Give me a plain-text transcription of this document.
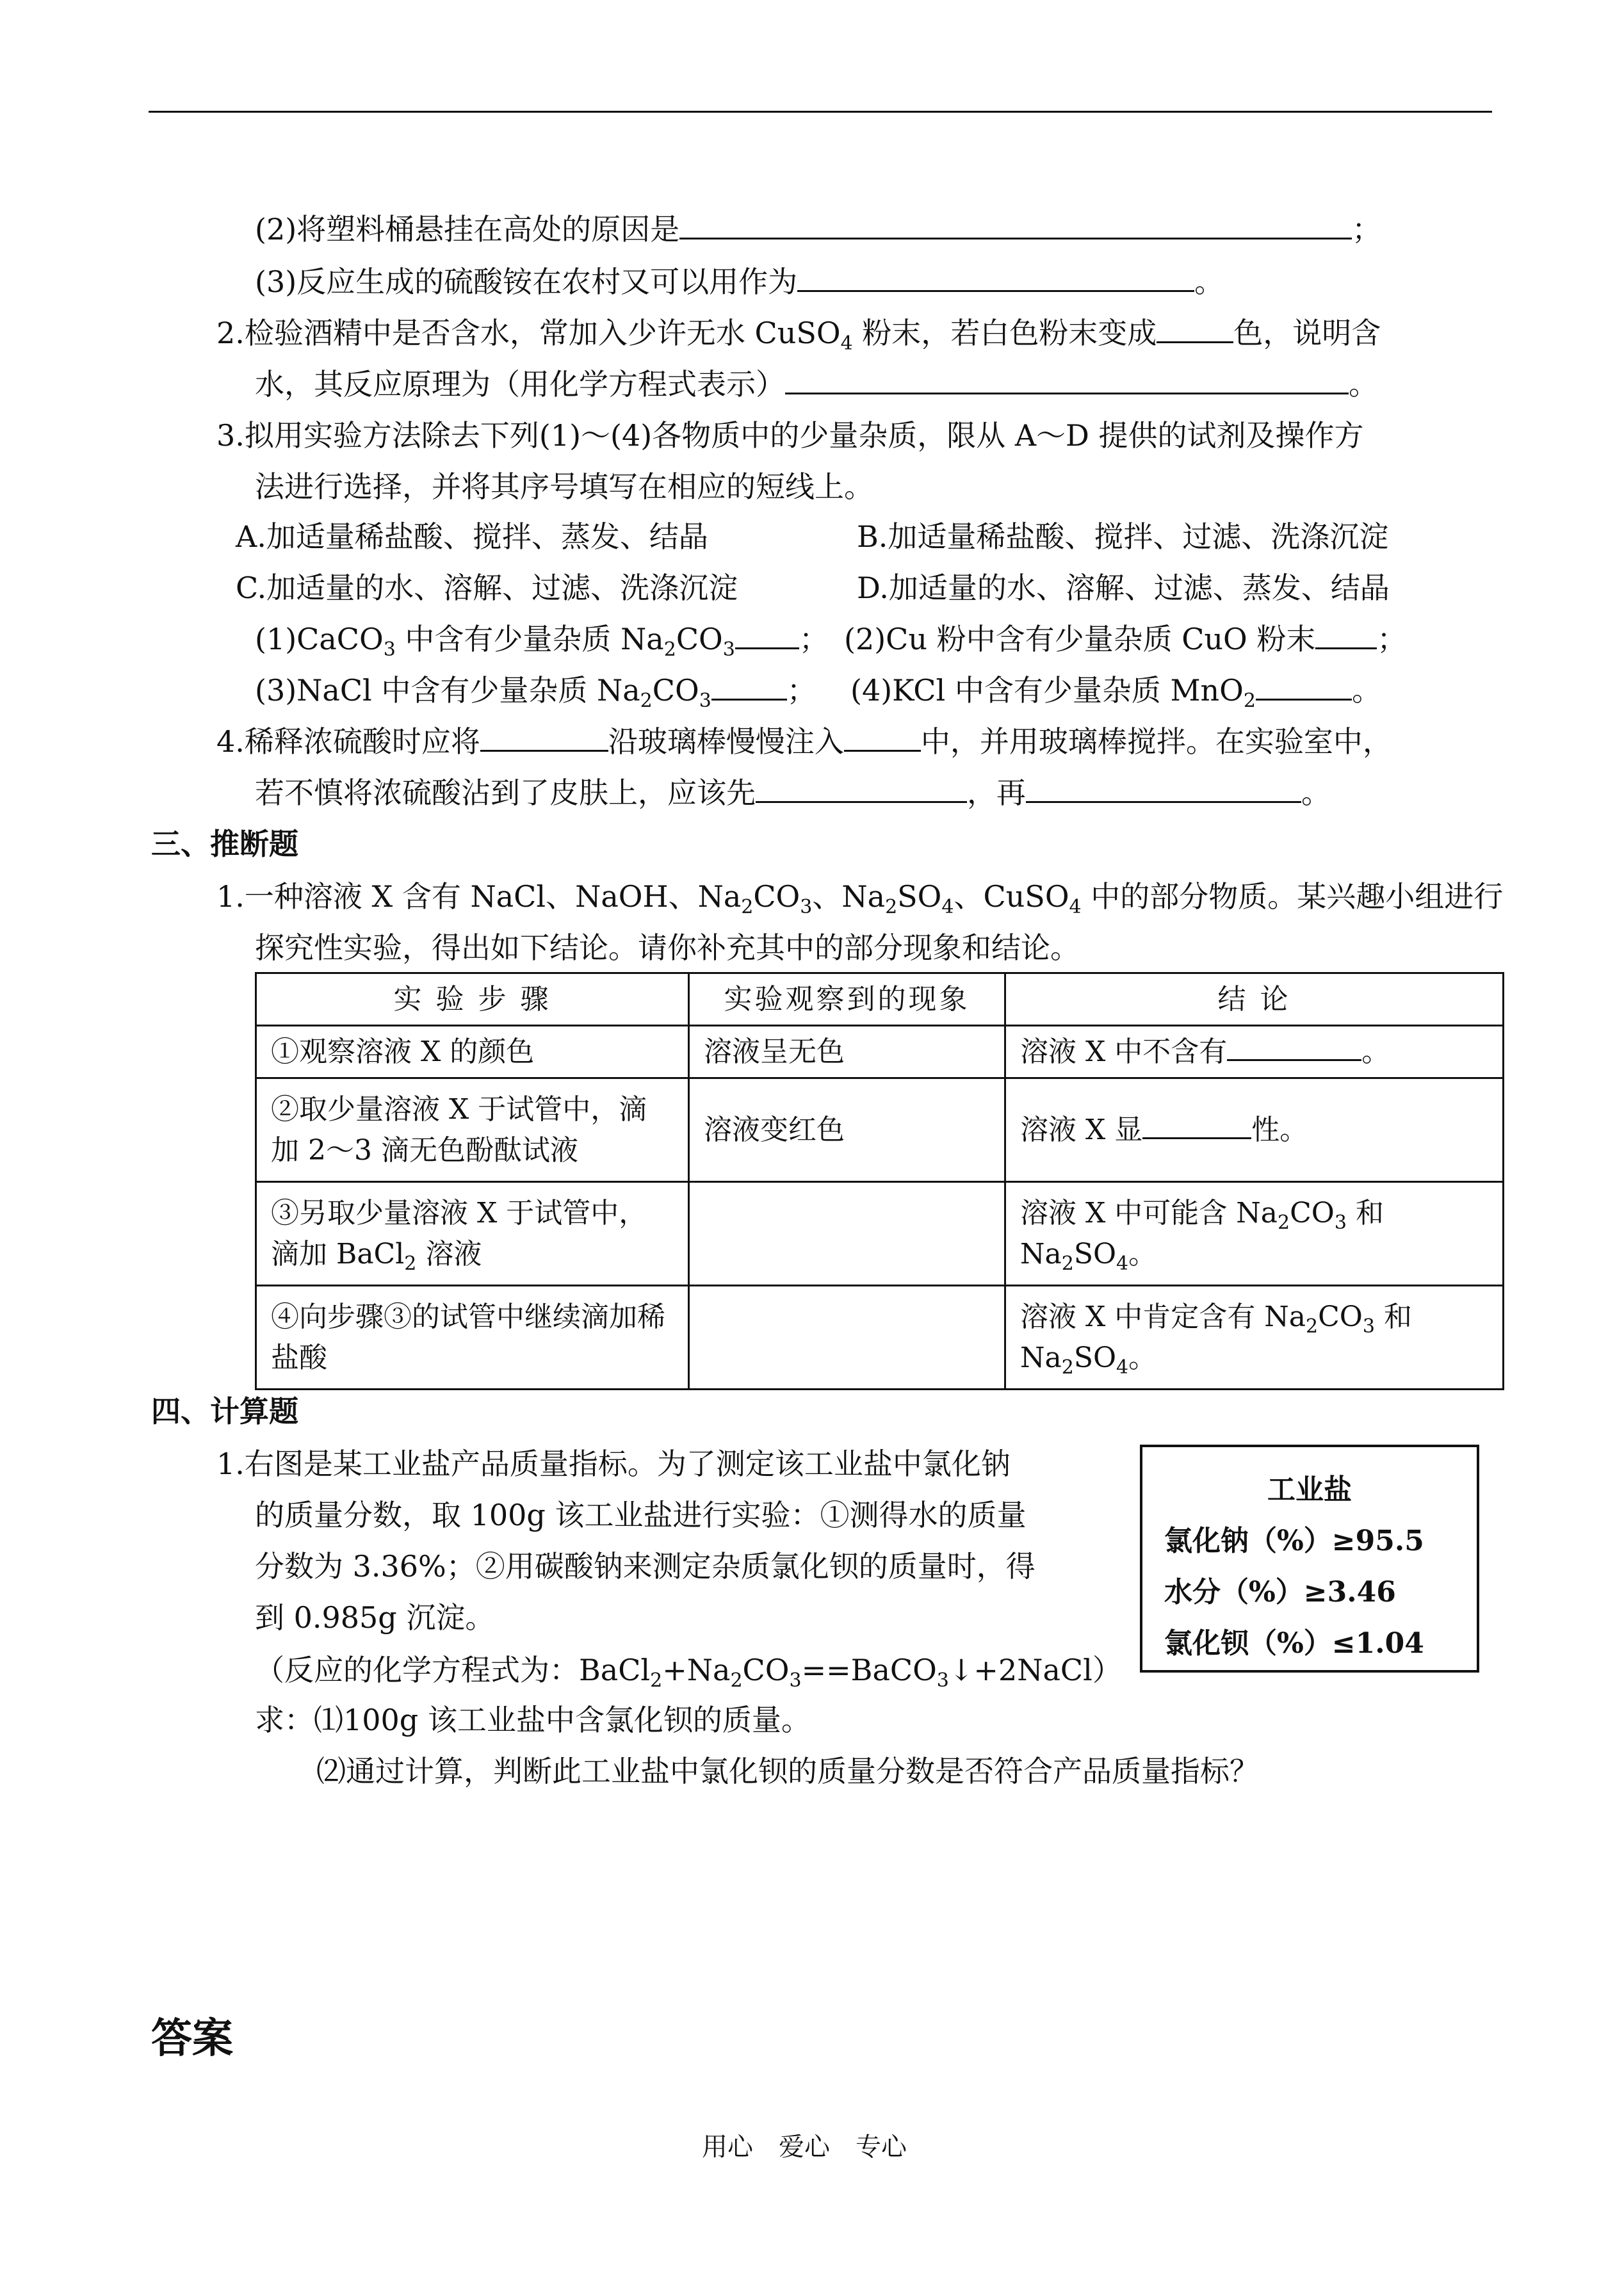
(2)将塑料桶悬挂在高处的原因是	；
(3)反应生成的硫酸铵在农村又可以用作为	。
2.检验酒精中是否含水，常加入少许无水 CuSO$_4$ 粉末，若白色粉末变成	色，说明含
水，其反应原理为（用化学方程式表示）	。
3.拟用实验方法除去下列(1)～(4)各物质中的少量杂质，限从 A～D 提供的试剂及操作方
法进行选择，并将其序号填写在相应的短线上。
A.加适量稀盐酸、搅拌、蒸发、结晶	B.加适量稀盐酸、搅拌、过滤、洗涤沉淀
C.加适量的水、溶解、过滤、洗涤沉淀	D.加适量的水、溶解、过滤、蒸发、结晶
(1)CaCO$_3$ 中含有少量杂质 $Na_2CO_3$ ； (2)Cu 粉中含有少量杂质 CuO 粉末 ；
(3)NaCl 中含有少量杂质 $Na_2CO_3$	； (4)KCl 中含有少量杂质 MnO$_2$	。
4.稀释浓硫酸时应将	沿玻璃棒慢慢注入	中，并用玻璃棒搅拌。在实验室中，
若不慎将浓硫酸沾到了皮肤上，应该先	，再	。
三、推断题
1.一种溶液 X 含有 NaCl、NaOH、$Na_2CO_3$、$Na_2SO_4$、CuSO$_4$ 中的部分物质。某兴趣小组进行
探究性实验，得出如下结论。请你补充其中的部分现象和结论。
实 验 步 骤	实验观察到的现象	结 论
①观察溶液 X 的颜色	溶液呈无色	溶液 X 中不含有 。
②取少量溶液 X 于试管中，滴加 2～3 滴无色酚酞试液	溶液变红色	溶液 X 显 性。
③另取少量溶液 X 于试管中，滴加 BaCl$_2$ 溶液		溶液 X 中可能含 $Na_2CO_3$ 和 $Na_2SO_4$。
④向步骤③的试管中继续滴加稀盐酸		溶液 X 中肯定含有 $Na_2CO_3$ 和 $Na_2SO_4$。
四、计算题
1.右图是某工业盐产品质量指标。为了测定该工业盐中氯化钠
的质量分数，取 100g 该工业盐进行实验：①测得水的质量
分数为 3.36%；②用碳酸钠来测定杂质氯化钡的质量时，得
到 0.985g 沉淀。
（反应的化学方程式为：$BaCl_2+Na_2CO_3==BaCO_3↓+2NaCl$）
求：⑴100g 该工业盐中含氯化钡的质量。
⑵通过计算，判断此工业盐中氯化钡的质量分数是否符合产品质量指标？
工业盐
氯化钠（%）≥95.5
水分（%）≥3.46
氯化钡（%）≤1.04
答案
用心　爱心　专心
